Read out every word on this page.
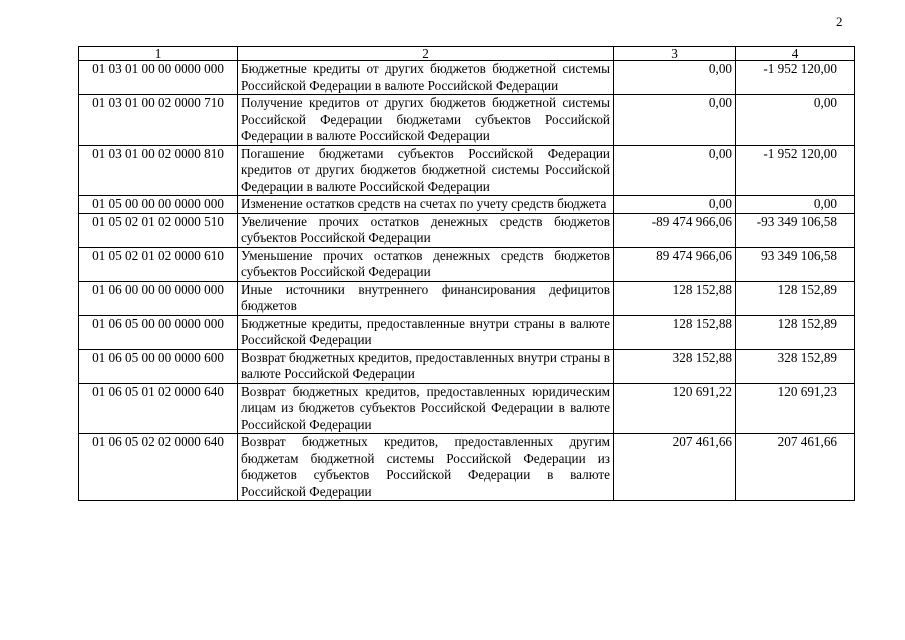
2
1	2	3	4
01 03 01 00 00 0000 000	Бюджетные кредиты от других бюджетов бюджетной системы Российской Федерации в валюте Российской Федерации	0,00	-1 952 120,00
01 03 01 00 02 0000 710	Получение кредитов от других бюджетов бюджетной системы Российской Федерации бюджетами субъектов Российской Федерации в валюте Российской Федерации	0,00	0,00
01 03 01 00 02 0000 810	Погашение бюджетами субъектов Российской Федерации кредитов от других бюджетов бюджетной системы Российской Федерации в валюте Российской Федерации	0,00	-1 952 120,00
01 05 00 00 00 0000 000	Изменение остатков средств на счетах по учету средств бюджета	0,00	0,00
01 05 02 01 02 0000 510	Увеличение прочих остатков денежных средств бюджетов субъектов Российской Федерации	-89 474 966,06	-93 349 106,58
01 05 02 01 02 0000 610	Уменьшение прочих остатков денежных средств бюджетов субъектов Российской Федерации	89 474 966,06	93 349 106,58
01 06 00 00 00 0000 000	Иные источники внутреннего финансирования дефицитов бюджетов	128 152,88	128 152,89
01 06 05 00 00 0000 000	Бюджетные кредиты, предоставленные внутри страны в валюте Российской Федерации	128 152,88	128 152,89
01 06 05 00 00 0000 600	Возврат бюджетных кредитов, предоставленных внутри страны в валюте Российской Федерации	328 152,88	328 152,89
01 06 05 01 02 0000 640	Возврат бюджетных кредитов, предоставленных юридическим лицам из бюджетов субъектов Российской Федерации в валюте Российской Федерации	120 691,22	120 691,23
01 06 05 02 02 0000 640	Возврат бюджетных кредитов, предоставленных другим бюджетам бюджетной системы Российской Федерации из бюджетов субъектов Российской Федерации в валюте Российской Федерации	207 461,66	207 461,66
